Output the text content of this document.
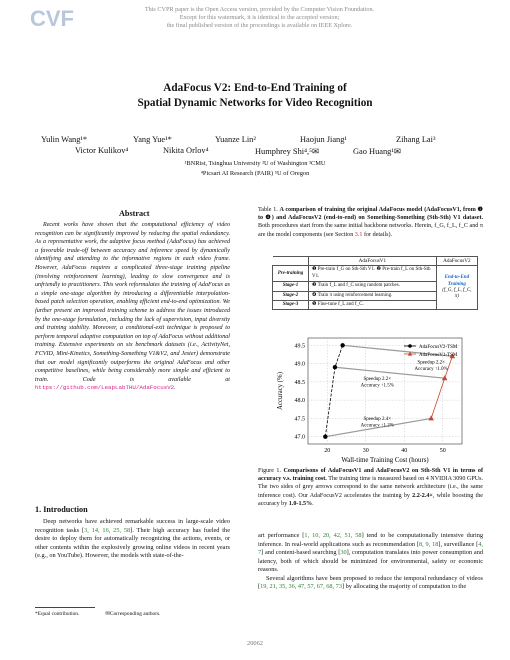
CVF	This CVPR paper is the Open Access version, provided by the Computer Vision Foundation.
Except for this watermark, it is identical to the accepted version;
the final published version of the proceedings is available on IEEE Xplore.
AdaFocus V2: End-to-End Training of
Spatial Dynamic Networks for Video Recognition
Yulin Wang¹*	Yang Yue¹*	Yuanze Lin²	Haojun Jiang¹	Zihang Lai³
Victor Kulikov⁴	Nikita Orlov⁴	Humphrey Shi⁴,⁵✉	Gao Huang¹✉
¹BNRist, Tsinghua University ²U of Washington ³CMU
⁴Picsart AI Research (PAIR) ⁵U of Oregon
Abstract
Recent works have shown that the computational efficiency of video recognition can be significantly improved by reducing the spatial redundancy. As a representative work, the adaptive focus method (AdaFocus) has achieved a favorable trade-off between accuracy and inference speed by dynamically identifying and attending to the informative regions in each video frame. However, AdaFocus requires a complicated three-stage training pipeline (involving reinforcement learning), leading to slow convergence and is unfriendly to practitioners. This work reformulates the training of AdaFocus as a simple one-stage algorithm by introducing a differentiable interpolation-based patch selection operation, enabling efficient end-to-end optimization. We further present an improved training scheme to address the issues introduced by the one-stage formulation, including the lack of supervision, input diversity and training stability. Moreover, a conditional-exit technique is proposed to perform temporal adaptive computation on top of AdaFocus without additional training. Extensive experiments on six benchmark datasets (i.e., ActivityNet, FCVID, Mini-Kinetics, Something-Something V1&V2, and Jester) demonstrate that our model significantly outperforms the original AdaFocus and other competitive baselines, while being considerably more simple and efficient to train. Code is available at https://github.com/LeapLabTHU/AdaFocusV2.
1. Introduction
Deep networks have achieved remarkable success in large-scale video recognition tasks [3, 14, 16, 25, 58]. Their high accuracy has fueled the desire to deploy them for automatically recognizing the actions, events, or other contents within the explosively growing online videos in recent years (e.g., on YouTube). However, the models with state-of-the-
*Equal contribution.	✉Corresponding authors.
Table 1. A comparison of training the original AdaFocus model (AdaFocusV1, from ❶ to ❹) and AdaFocusV2 (end-to-end) on Something-Something (Sth-Sth) V1 dataset. Both procedures start from the same initial backbone networks. Herein, f_G, f_L, f_C and π are the model components (see Section 3.1 for details).
	AdaFocusV1	AdaFocusV2
Pre-training	❶ Pre-train f_G on Sth-Sth V1. ❷ Pre-train f_L on Sth-Sth V1.	End-to-End
Training
(f_G, f_L, f_C, π)

Stage-1	❸ Train f_L and f_C using random patches.	
Stage-2	❹ Train π using reinforcement learning.	
Stage-3	❺ Fine-tune f_L and f_C.	
20	30	40	50
47.0
47.5
48.0
48.5
49.0
49.5
Wall-time Training Cost (hours)
Accuracy (%)	Speedup 2.2×
Accuracy ↑1.5%
Speedup 2.2×
Accuracy ↑1.0%
Speedup 2.4×
Accuracy ↑1.2%
AdaFocusV2-TSM
AdaFocusV1-TSM
Figure 1. Comparisons of AdaFocusV1 and AdaFocusV2 on Sth-Sth V1 in terms of accuracy v.s. training cost. The training time is measured based on 4 NVIDIA 3090 GPUs. The two sides of grey arrows correspond to the same network architecture (i.e., the same inference cost). Our AdaFocusV2 accelerates the training by 2.2-2.4×, while boosting the accuracy by 1.0-1.5%.
art performance [1, 10, 20, 42, 51, 58] tend to be computationally intensive during inference. In real-world applications such as recommendation [8, 9, 18], surveillance [4, 7] and content-based searching [30], computation translates into power consumption and latency, both of which should be minimized for environmental, safety or economic reasons.
Several algorithms have been proposed to reduce the temporal redundancy of videos [19, 21, 35, 36, 47, 57, 67, 68, 73] by allocating the majority of computation to the
20062
